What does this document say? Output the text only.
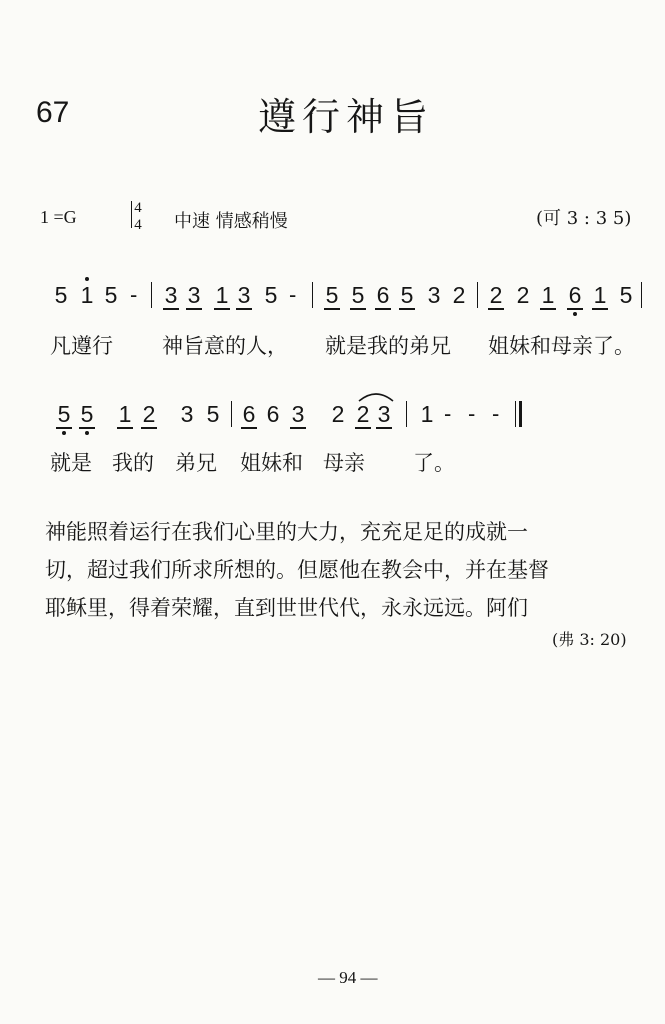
67	遵行神旨
1 =G	4
4 中速 情感稍慢	(可 3 : 3 5)
5 1 5 - 3 3 1 3 5 - 5 5 6 5 3 2 2 2 1 6 1 5
凡遵行 神旨意的人， 就是我的弟兄 姐妹和母亲了。
5 5 1 2 3 5 6 6 3 2 2 3 1 - - -
就是 我的 弟兄 姐妹和 母亲 了。
神能照着运行在我们心里的大力，充充足足的成就一
切，超过我们所求所想的。但愿他在教会中，并在基督
耶稣里，得着荣耀，直到世世代代，永永远远。阿们
(弗 3: 20)
— 94 —
